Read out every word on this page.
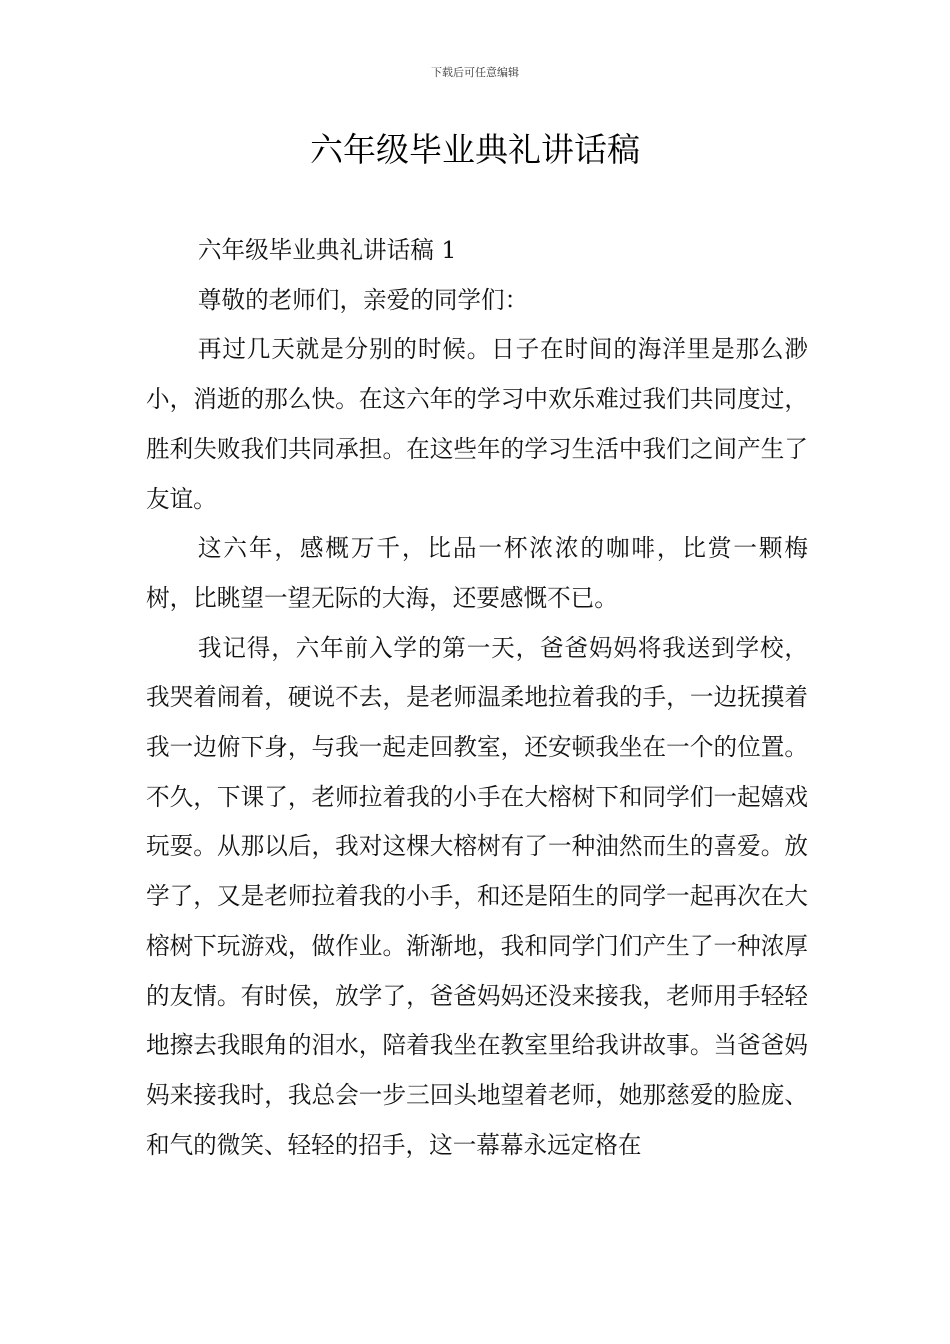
下载后可任意编辑
六年级毕业典礼讲话稿

六年级毕业典礼讲话稿 1

尊敬的老师们，亲爱的同学们：

再过几天就是分别的时候。日子在时间的海洋里是那么渺小，消逝的那么快。在这六年的学习中欢乐难过我们共同度过，胜利失败我们共同承担。在这些年的学习生活中我们之间产生了友谊。

这六年，感概万千，比品一杯浓浓的咖啡，比赏一颗梅树，比眺望一望无际的大海，还要感慨不已。

我记得，六年前入学的第一天，爸爸妈妈将我送到学校，我哭着闹着，硬说不去，是老师温柔地拉着我的手，一边抚摸着我一边俯下身，与我一起走回教室，还安顿我坐在一个的位置。不久，下课了，老师拉着我的小手在大榕树下和同学们一起嬉戏玩耍。从那以后，我对这棵大榕树有了一种油然而生的喜爱。放学了，又是老师拉着我的小手，和还是陌生的同学一起再次在大榕树下玩游戏，做作业。渐渐地，我和同学门们产生了一种浓厚的友情。有时侯，放学了，爸爸妈妈还没来接我，老师用手轻轻地擦去我眼角的泪水，陪着我坐在教室里给我讲故事。当爸爸妈妈来接我时，我总会一步三回头地望着老师，她那慈爱的脸庞、和气的微笑、轻轻的招手，这一幕幕永远定格在
